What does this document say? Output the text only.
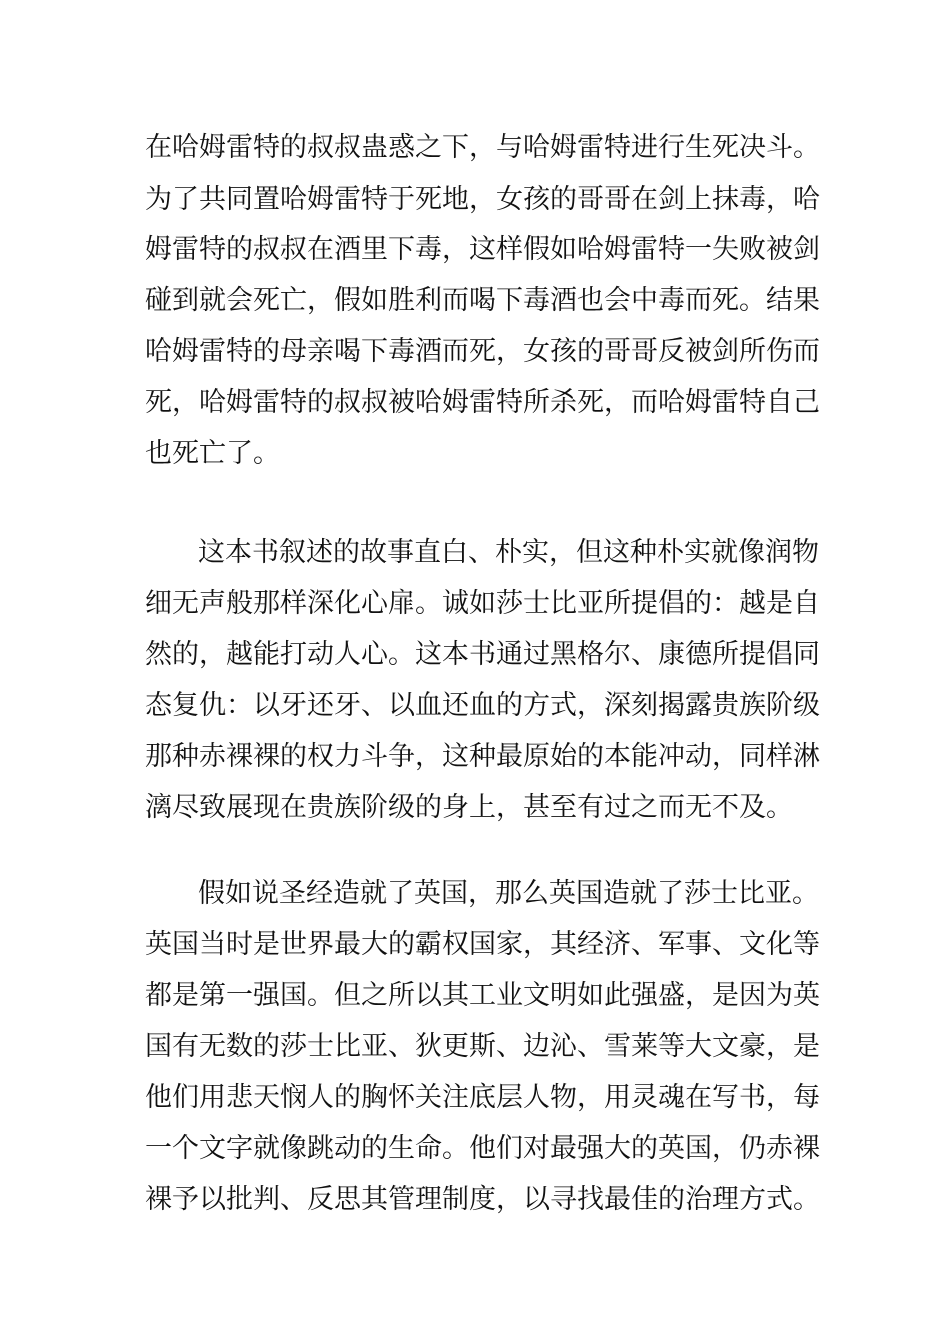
在哈姆雷特的叔叔蛊惑之下，与哈姆雷特进行生死决斗。
为了共同置哈姆雷特于死地，女孩的哥哥在剑上抹毒，哈
姆雷特的叔叔在酒里下毒，这样假如哈姆雷特一失败被剑
碰到就会死亡，假如胜利而喝下毒酒也会中毒而死。结果
哈姆雷特的母亲喝下毒酒而死，女孩的哥哥反被剑所伤而
死，哈姆雷特的叔叔被哈姆雷特所杀死，而哈姆雷特自己
也死亡了。
这本书叙述的故事直白、朴实，但这种朴实就像润物
细无声般那样深化心扉。诚如莎士比亚所提倡的：越是自
然的，越能打动人心。这本书通过黑格尔、康德所提倡同
态复仇：以牙还牙、以血还血的方式，深刻揭露贵族阶级
那种赤裸裸的权力斗争，这种最原始的本能冲动，同样淋
漓尽致展现在贵族阶级的身上，甚至有过之而无不及。
假如说圣经造就了英国，那么英国造就了莎士比亚。
英国当时是世界最大的霸权国家，其经济、军事、文化等
都是第一强国。但之所以其工业文明如此强盛，是因为英
国有无数的莎士比亚、狄更斯、边沁、雪莱等大文豪，是
他们用悲天悯人的胸怀关注底层人物，用灵魂在写书，每
一个文字就像跳动的生命。他们对最强大的英国，仍赤裸
裸予以批判、反思其管理制度，以寻找最佳的治理方式。
